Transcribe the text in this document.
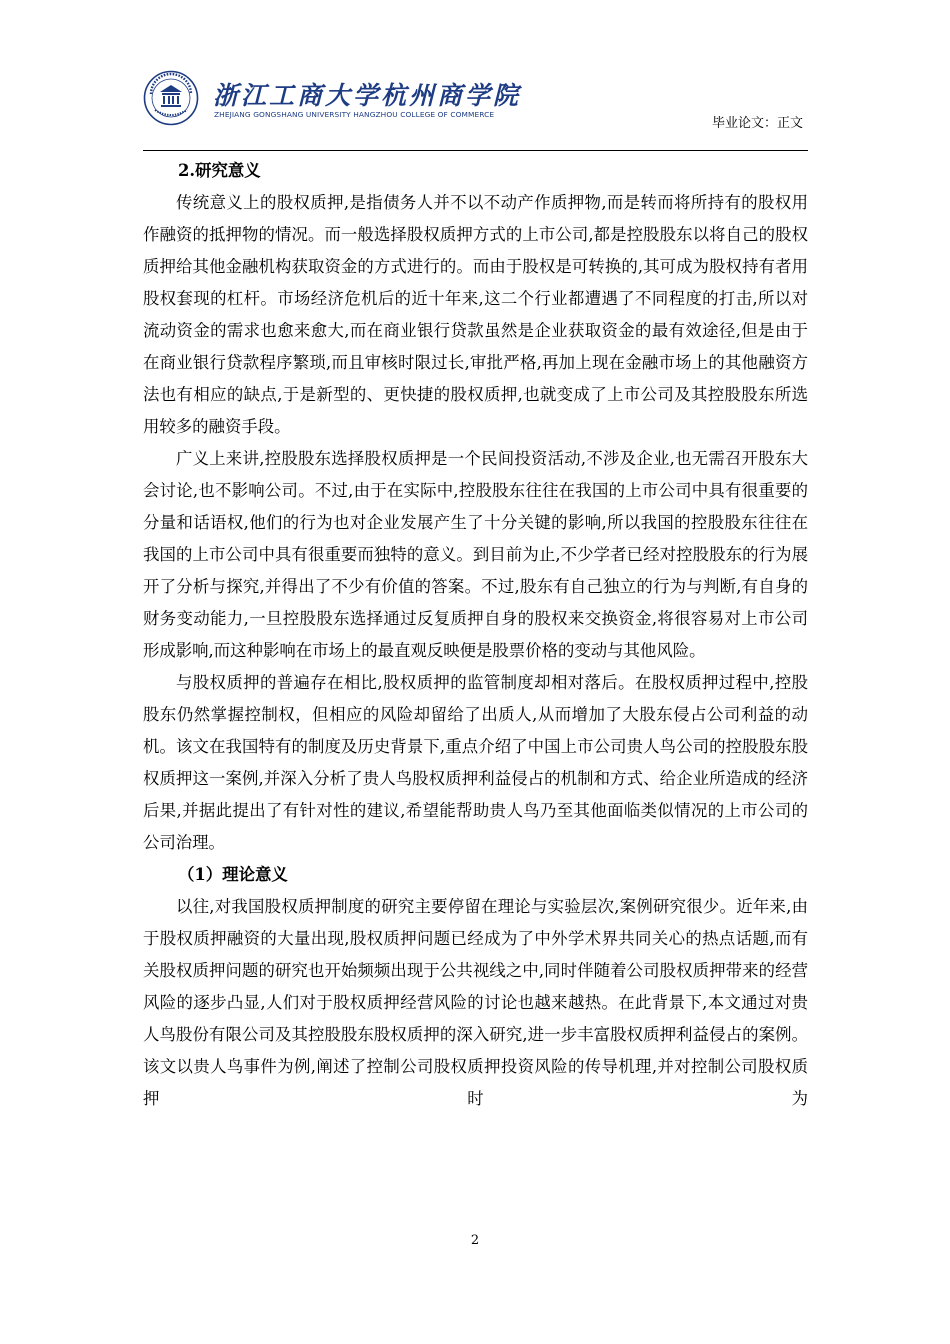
浙江工商大学杭州商学院
ZHEJIANG GONGSHANG UNIVERSITY HANGZHOU COLLEGE OF COMMERCE
毕业论文：正文

2.研究意义

传统意义上的股权质押,是指债务人并不以不动产作质押物,而是转而将所持有的股权用作融资的抵押物的情况。而一般选择股权质押方式的上市公司,都是控股股东以将自己的股权质押给其他金融机构获取资金的方式进行的。而由于股权是可转换的,其可成为股权持有者用股权套现的杠杆。市场经济危机后的近十年来,这二个行业都遭遇了不同程度的打击,所以对流动资金的需求也愈来愈大,而在商业银行贷款虽然是企业获取资金的最有效途径,但是由于在商业银行贷款程序繁琐,而且审核时限过长,审批严格,再加上现在金融市场上的其他融资方法也有相应的缺点,于是新型的、更快捷的股权质押,也就变成了上市公司及其控股股东所选用较多的融资手段。

广义上来讲,控股股东选择股权质押是一个民间投资活动,不涉及企业,也无需召开股东大会讨论,也不影响公司。不过,由于在实际中,控股股东往往在我国的上市公司中具有很重要的分量和话语权,他们的行为也对企业发展产生了十分关键的影响,所以我国的控股股东往往在我国的上市公司中具有很重要而独特的意义。到目前为止,不少学者已经对控股股东的行为展开了分析与探究,并得出了不少有价值的答案。不过,股东有自己独立的行为与判断,有自身的财务变动能力,一旦控股股东选择通过反复质押自身的股权来交换资金,将很容易对上市公司形成影响,而这种影响在市场上的最直观反映便是股票价格的变动与其他风险。

与股权质押的普遍存在相比,股权质押的监管制度却相对落后。在股权质押过程中,控股股东仍然掌握控制权，但相应的风险却留给了出质人,从而增加了大股东侵占公司利益的动机。该文在我国特有的制度及历史背景下,重点介绍了中国上市公司贵人鸟公司的控股股东股权质押这一案例,并深入分析了贵人鸟股权质押利益侵占的机制和方式、给企业所造成的经济后果,并据此提出了有针对性的建议,希望能帮助贵人鸟乃至其他面临类似情况的上市公司的公司治理。

（1）理论意义

以往,对我国股权质押制度的研究主要停留在理论与实验层次,案例研究很少。近年来,由于股权质押融资的大量出现,股权质押问题已经成为了中外学术界共同关心的热点话题,而有关股权质押问题的研究也开始频频出现于公共视线之中,同时伴随着公司股权质押带来的经营风险的逐步凸显,人们对于股权质押经营风险的讨论也越来越热。在此背景下,本文通过对贵人鸟股份有限公司及其控股股东股权质押的深入研究,进一步丰富股权质押利益侵占的案例。该文以贵人鸟事件为例,阐述了控制公司股权质押投资风险的传导机理,并对控制公司股权质押时为

2
